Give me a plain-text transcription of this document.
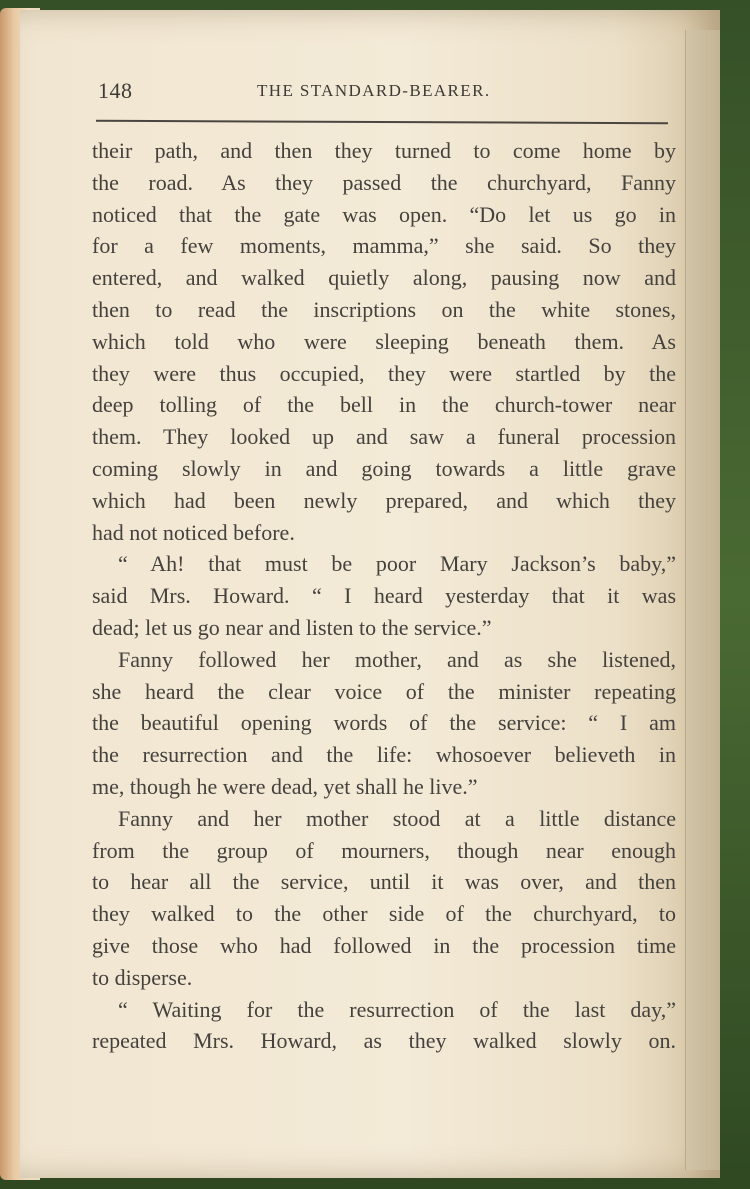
148	THE STANDARD-BEARER.
their path, and then they turned to come home by
the road. As they passed the churchyard, Fanny
noticed that the gate was open. “Do let us go in
for a few moments, mamma,” she said. So they
entered, and walked quietly along, pausing now and
then to read the inscriptions on the white stones,
which told who were sleeping beneath them. As
they were thus occupied, they were startled by the
deep tolling of the bell in the church-tower near
them. They looked up and saw a funeral procession
coming slowly in and going towards a little grave
which had been newly prepared, and which they
had not noticed before.
“ Ah! that must be poor Mary Jackson’s baby,”
said Mrs. Howard. “ I heard yesterday that it was
dead; let us go near and listen to the service.”
Fanny followed her mother, and as she listened,
she heard the clear voice of the minister repeating
the beautiful opening words of the service: “ I am
the resurrection and the life: whosoever believeth in
me, though he were dead, yet shall he live.”
Fanny and her mother stood at a little distance
from the group of mourners, though near enough
to hear all the service, until it was over, and then
they walked to the other side of the churchyard, to
give those who had followed in the procession time
to disperse.
“ Waiting for the resurrection of the last day,”
repeated Mrs. Howard, as they walked slowly on.
